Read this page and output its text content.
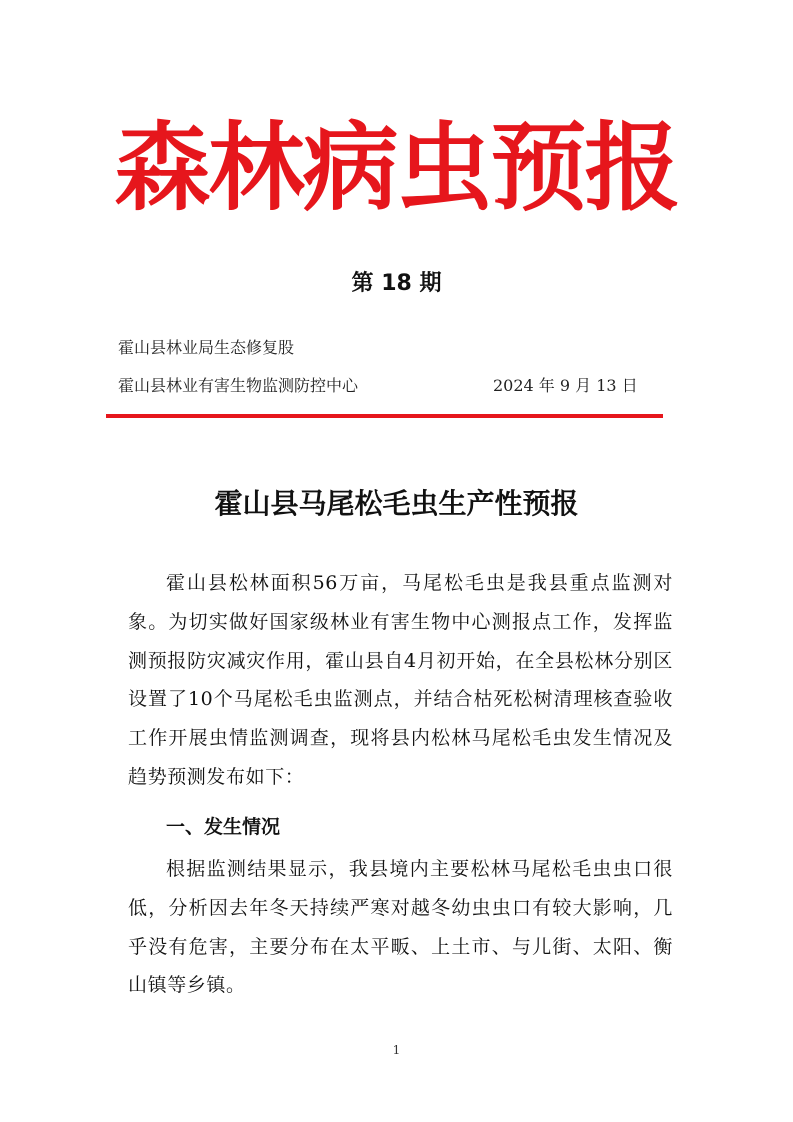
森林病虫预报
第 18 期
霍山县林业局生态修复股
霍山县林业有害生物监测防控中心	2024 年 9 月 13 日
霍山县马尾松毛虫生产性预报

霍山县松林面积56万亩，马尾松毛虫是我县重点监测对象。为切实做好国家级林业有害生物中心测报点工作，发挥监测预报防灾减灾作用，霍山县自4月初开始，在全县松林分别区设置了10个马尾松毛虫监测点，并结合枯死松树清理核查验收工作开展虫情监测调查，现将县内松林马尾松毛虫发生情况及趋势预测发布如下：

一、发生情况

根据监测结果显示，我县境内主要松林马尾松毛虫虫口很低，分析因去年冬天持续严寒对越冬幼虫虫口有较大影响，几乎没有危害，主要分布在太平畈、上土市、与儿街、太阳、衡山镇等乡镇。

1
